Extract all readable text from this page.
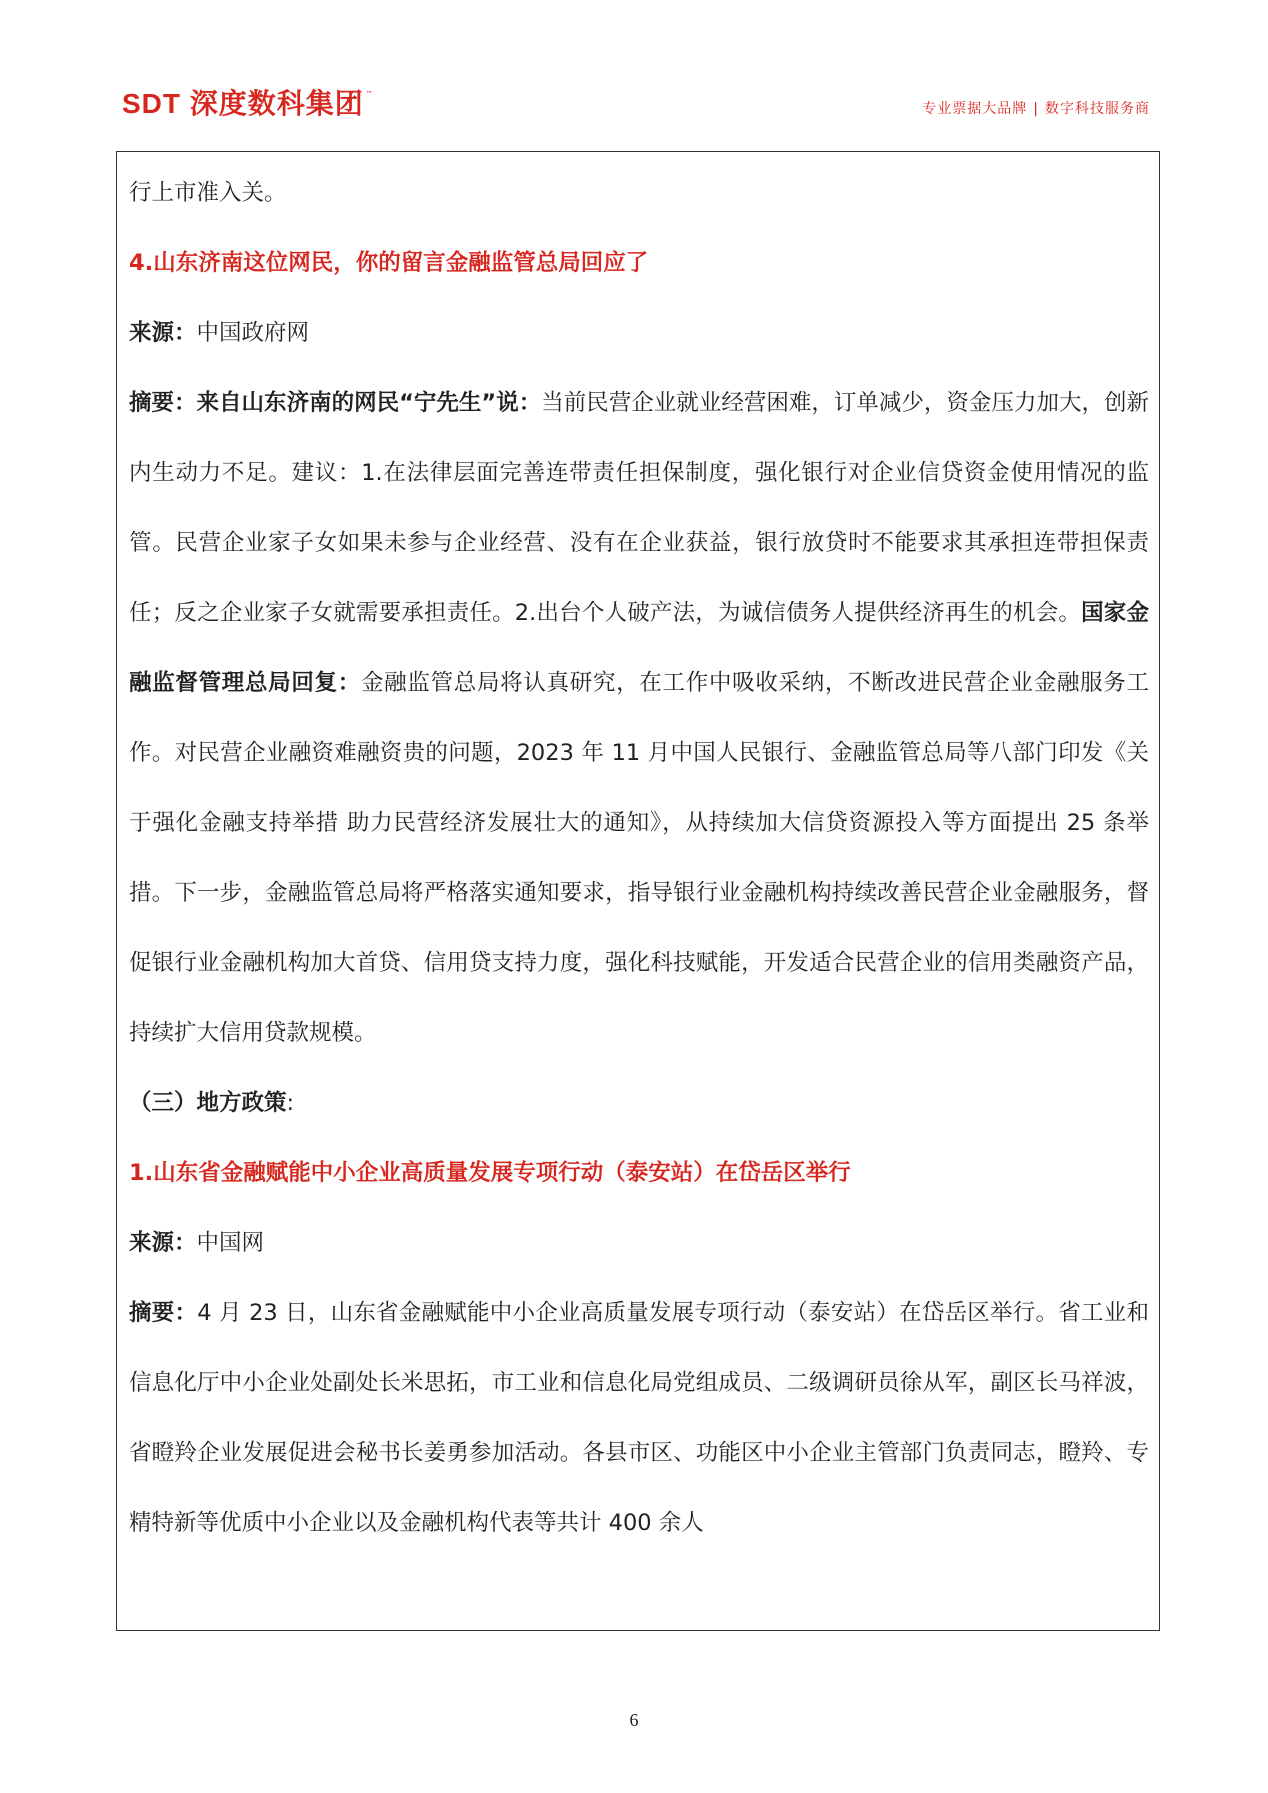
SDT 深度数科集团 ™
专业票据大品牌 | 数字科技服务商

行上市准入关。

4.山东济南这位网民，你的留言金融监管总局回应了

来源：中国政府网

摘要：来自山东济南的网民“宁先生”说：当前民营企业就业经营困难，订单减少，资金压力加大，创新内生动力不足。建议：1.在法律层面完善连带责任担保制度，强化银行对企业信贷资金使用情况的监管。民营企业家子女如果未参与企业经营、没有在企业获益，银行放贷时不能要求其承担连带担保责任；反之企业家子女就需要承担责任。2.出台个人破产法，为诚信债务人提供经济再生的机会。国家金融监督管理总局回复：金融监管总局将认真研究，在工作中吸收采纳，不断改进民营企业金融服务工作。对民营企业融资难融资贵的问题，2023 年 11 月中国人民银行、金融监管总局等八部门印发《关于强化金融支持举措 助力民营经济发展壮大的通知》，从持续加大信贷资源投入等方面提出 25 条举措。下一步，金融监管总局将严格落实通知要求，指导银行业金融机构持续改善民营企业金融服务，督促银行业金融机构加大首贷、信用贷支持力度，强化科技赋能，开发适合民营企业的信用类融资产品，持续扩大信用贷款规模。

（三）地方政策:

1.山东省金融赋能中小企业高质量发展专项行动（泰安站）在岱岳区举行

来源：中国网

摘要：4 月 23 日，山东省金融赋能中小企业高质量发展专项行动（泰安站）在岱岳区举行。省工业和信息化厅中小企业处副处长米思拓，市工业和信息化局党组成员、二级调研员徐从军，副区长马祥波，省瞪羚企业发展促进会秘书长姜勇参加活动。各县市区、功能区中小企业主管部门负责同志，瞪羚、专精特新等优质中小企业以及金融机构代表等共计 400 余人

6
